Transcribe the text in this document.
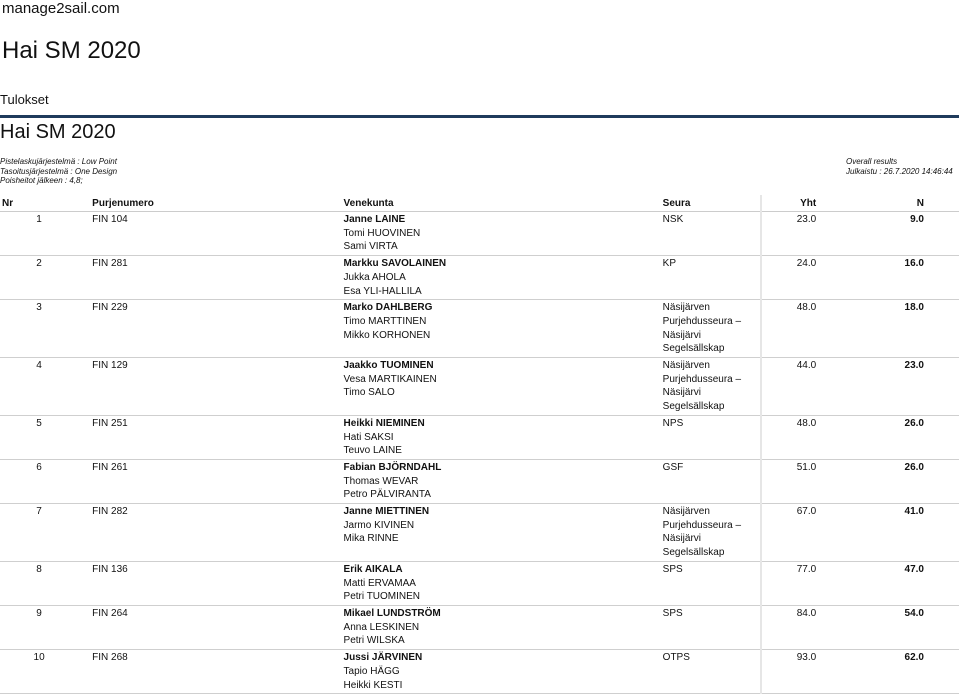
manage2sail.com
Hai SM 2020
Tulokset
Hai SM 2020
Pistelaskujärjestelmä : Low Point
Tasoitusjärjestelmä : One Design
Poisheitot jälkeen : 4,8;
Overall results
Julkaistu : 26.7.2020 14:46:44
Nr	Purjenumero	Venekunta	Seura	Yht	N
1	FIN 104	Janne LAINE
Tomi HUOVINEN
Sami VIRTA	NSK	23.0	9.0
2	FIN 281	Markku SAVOLAINEN
Jukka AHOLA
Esa YLI-HALLILA	KP	24.0	16.0
3	FIN 229	Marko DAHLBERG
Timo MARTTINEN
Mikko KORHONEN	Näsijärven
Purjehdusseura –
Näsijärvi
Segelsällskap	48.0	18.0
4	FIN 129	Jaakko TUOMINEN
Vesa MARTIKAINEN
Timo SALO	Näsijärven
Purjehdusseura –
Näsijärvi
Segelsällskap	44.0	23.0
5	FIN 251	Heikki NIEMINEN
Hati SAKSI
Teuvo LAINE	NPS	48.0	26.0
6	FIN 261	Fabian BJÖRNDAHL
Thomas WEVAR
Petro PÄLVIRANTA	GSF	51.0	26.0
7	FIN 282	Janne MIETTINEN
Jarmo KIVINEN
Mika RINNE	Näsijärven
Purjehdusseura –
Näsijärvi
Segelsällskap	67.0	41.0
8	FIN 136	Erik AIKALA
Matti ERVAMAA
Petri TUOMINEN	SPS	77.0	47.0
9	FIN 264	Mikael LUNDSTRÖM
Anna LESKINEN
Petri WILSKA	SPS	84.0	54.0
10	FIN 268	Jussi JÄRVINEN
Tapio HÄGG
Heikki KESTI	OTPS	93.0	62.0
